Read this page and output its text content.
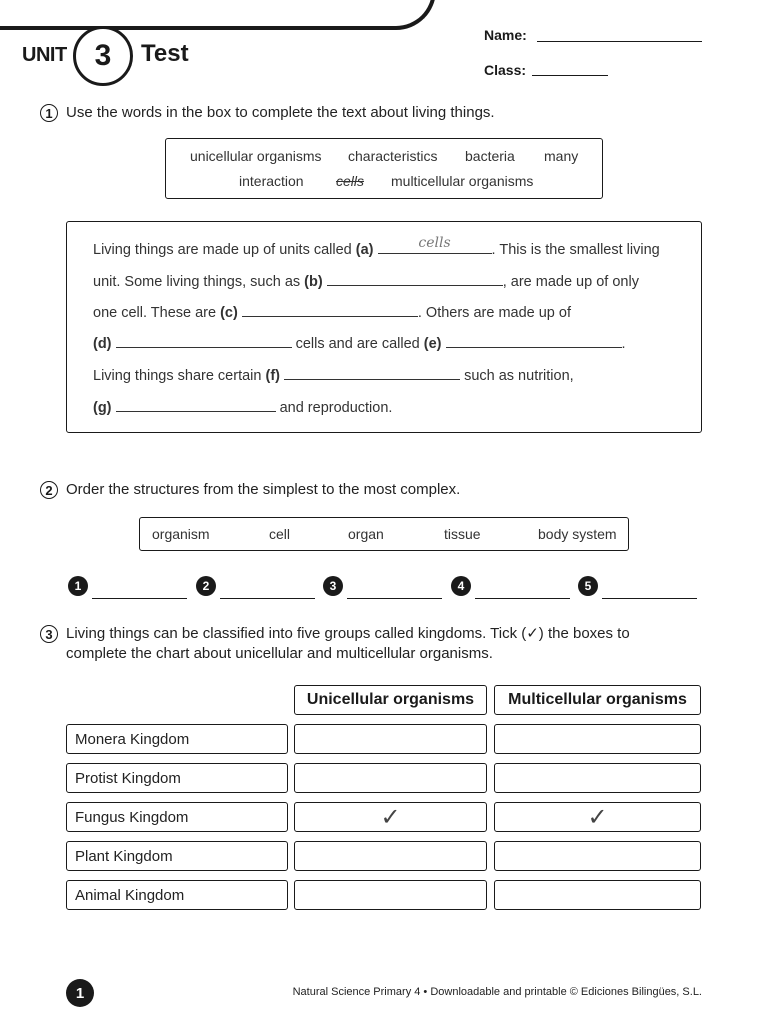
UNIT 3 Test
Name:
Class:
1 Use the words in the box to complete the text about living things.
unicellular organisms characteristics bacteria many
interaction cells multicellular organisms
Living things are made up of units called (a)	cells	. This is the smallest living
unit. Some living things, such as (b)	, are made up of only
one cell. These are (c)	. Others are made up of
(d)	cells and are called (e)	.
Living things share certain (f)	such as nutrition,
(g)	and reproduction.
2 Order the structures from the simplest to the most complex.
organism	cell	organ	tissue	body system
1	2	3	4	5
3 Living things can be classified into five groups called kingdoms. Tick (✓) the boxes to
complete the chart about unicellular and multicellular organisms.
Unicellular organisms	Multicellular organisms
Monera Kingdom
Protist Kingdom
Fungus Kingdom	✓	✓
Plant Kingdom
Animal Kingdom
1	Natural Science Primary 4 • Downloadable and printable © Ediciones Bilingües, S.L.
